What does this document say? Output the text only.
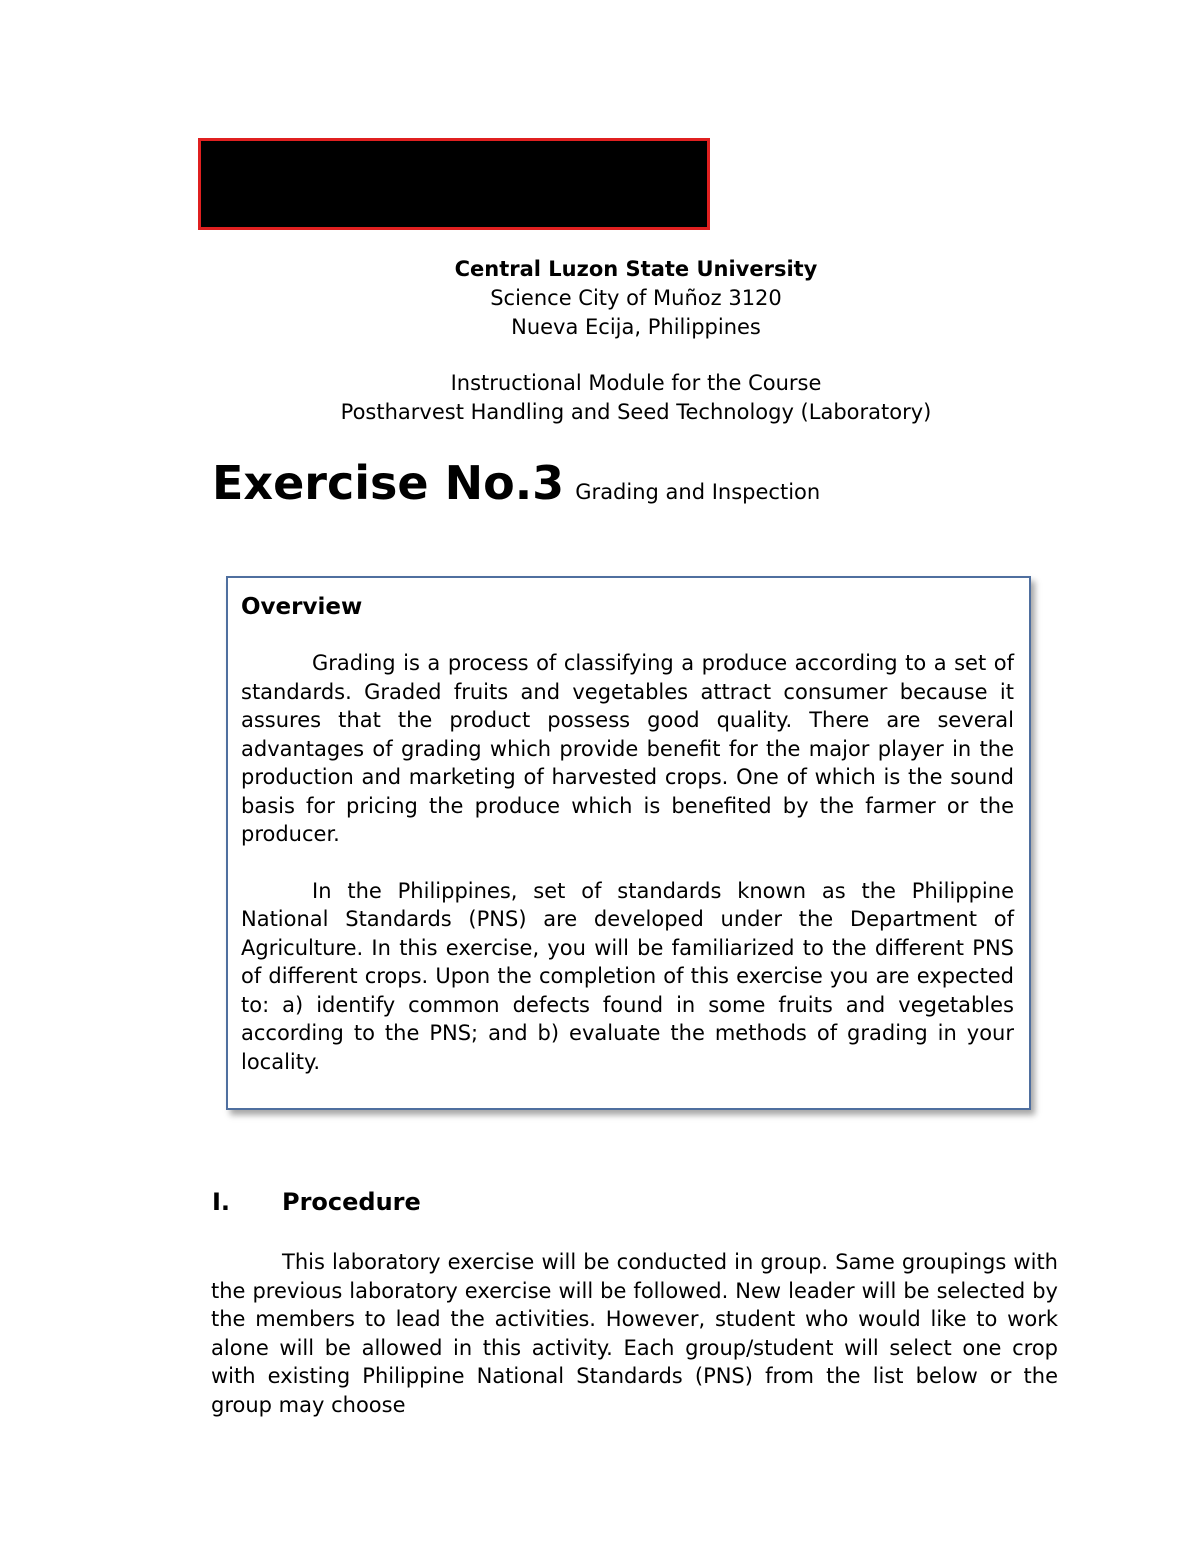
Central Luzon State University
Science City of Muñoz 3120
Nueva Ecija, Philippines
Instructional Module for the Course
Postharvest Handling and Seed Technology (Laboratory)
Exercise No.3 Grading and Inspection
Overview

Grading is a process of classifying a produce according to a set of standards. Graded fruits and vegetables attract consumer because it assures that the product possess good quality. There are several advantages of grading which provide benefit for the major player in the production and marketing of harvested crops. One of which is the sound basis for pricing the produce which is benefited by the farmer or the producer.

In the Philippines, set of standards known as the Philippine National Standards (PNS) are developed under the Department of Agriculture. In this exercise, you will be familiarized to the different PNS of different crops. Upon the completion of this exercise you are expected to: a) identify common defects found in some fruits and vegetables according to the PNS; and b) evaluate the methods of grading in your locality.

I. Procedure

This laboratory exercise will be conducted in group. Same groupings with the previous laboratory exercise will be followed. New leader will be selected by the members to lead the activities. However, student who would like to work alone will be allowed in this activity. Each group/student will select one crop with existing Philippine National Standards (PNS) from the list below or the group may choose
